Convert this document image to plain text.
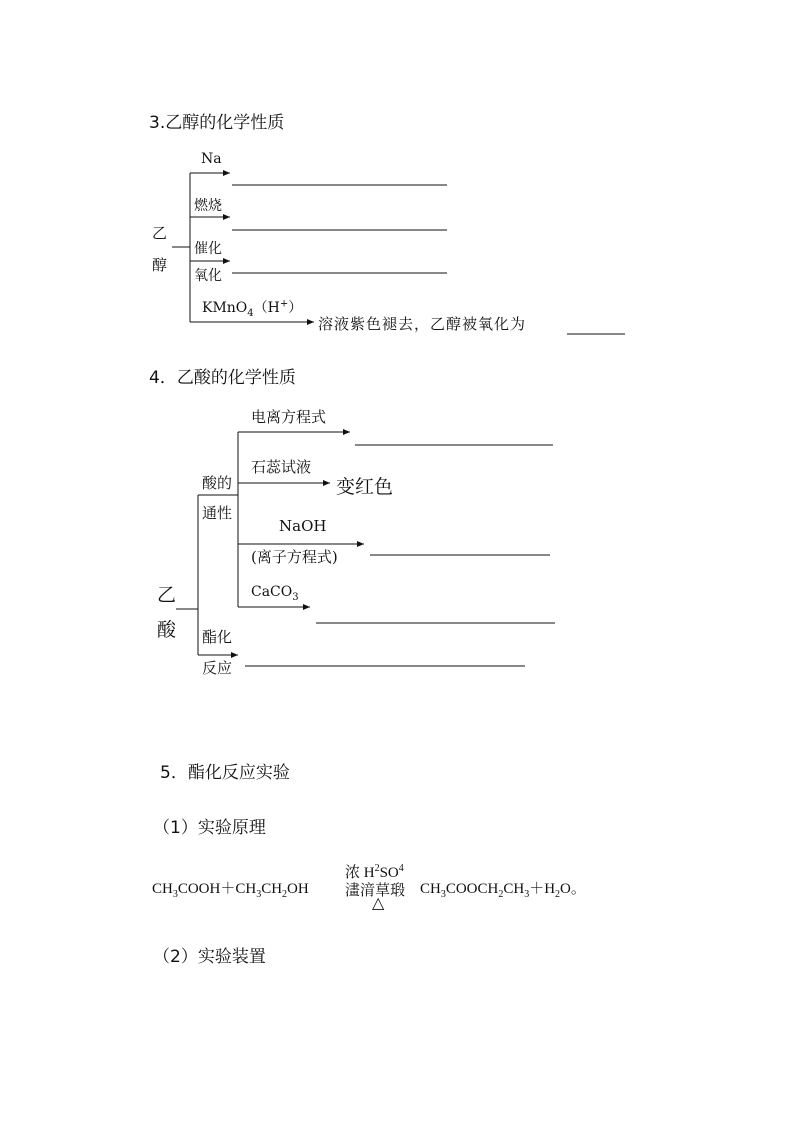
3.乙醇的化学性质
乙
醇
Na
燃烧
催化
氧化
KMnO$_4$（H+）
溶液紫色褪去，乙醇被氧化为
4．乙酸的化学性质
乙
酸
酸的
通性
酯化
反应
电离方程式
石蕊试液
变红色
NaOH
(离子方程式)
CaCO$_3$
5．酯化反应实验
（1）实验原理
$CH_3COOH+CH_3CH_2OH$
浓 $H^2SO^4$
澅湇䓍瑖
△
$CH_3COOCH_2CH_3+H_2O$。
（2）实验装置
